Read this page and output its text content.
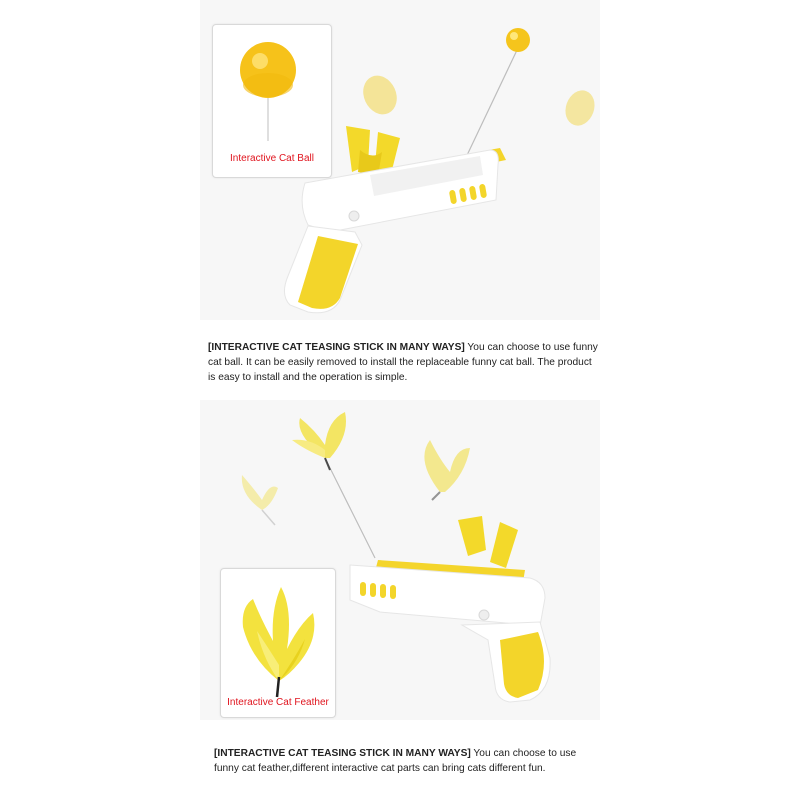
Interactive Cat Ball

[INTERACTIVE CAT TEASING STICK IN MANY WAYS] You can choose to use funny cat ball. It can be easily removed to install the replaceable funny cat ball. The product is easy to install and the operation is simple.

Interactive Cat Feather

[INTERACTIVE CAT TEASING STICK IN MANY WAYS] You can choose to use funny cat feather,different interactive cat parts can bring cats different fun.
